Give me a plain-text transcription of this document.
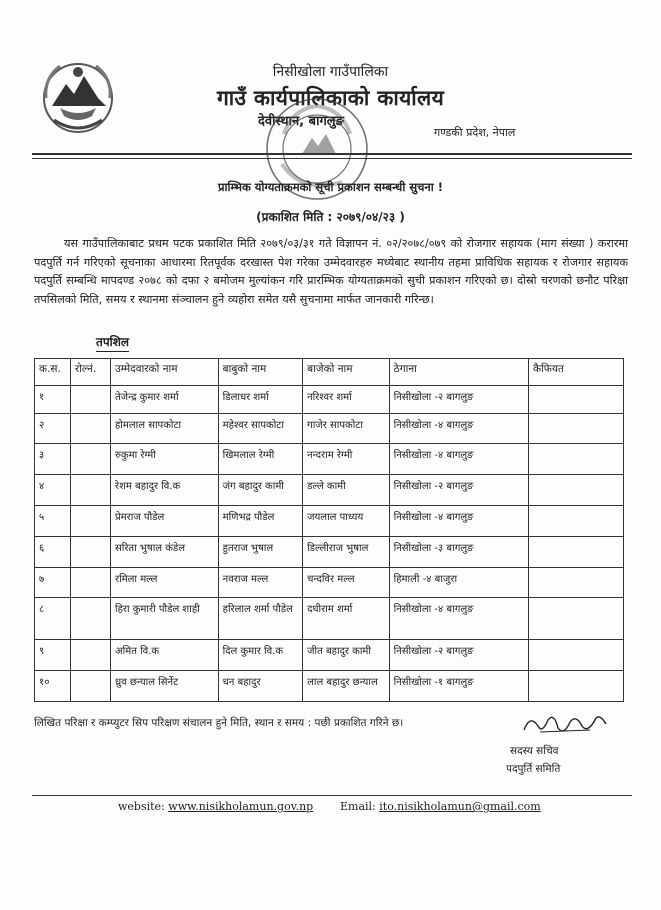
निसीखोला गाउँपालिका
गाउँ कार्यपालिकाको कार्यालय
देवीस्थान, बागलुङ
गण्डकी प्रदेश, नेपाल
प्राम्भिक योग्यताक्रमको सूची प्रकाशन सम्बन्धी सुचना !
(प्रकाशित मिति : २०७९/०४/२३ )
यस गाउँपालिकाबाट प्रथम पटक प्रकाशित मिति २०७९/०३/३१ गते विज्ञापन नं. ०२/२०७८/०७९ को रोजगार सहायक (माग संख्या ) करारमा पदपुर्ति गर्न गरिएको सूचनाका आधारमा रितपूर्वक दरखास्त पेश गरेका उम्मेदवारहरु मध्येबाट स्थानीय तहमा प्राविधिक सहायक र रोजगार सहायक पदपुर्ति सम्बन्धि मापदण्ड २०७८ को दफा २ बमोजम मुल्यांकन गरि प्रारम्भिक योग्यताक्रमको सुची प्रकाशन गरिएको छ। दोस्रो चरणको छनौट परिक्षा तपसिलको मिति, समय र स्थानमा संञ्चालन हुने व्यहोरा समेत यसै सुचनामा मार्फत जानकारी गरिन्छ।
तपशिल
क.स.	रोल्नं.	उम्मेदवारको नाम	बाबुको नाम	बाजेको नाम	ठेगाना	कैफियत
१		तेजेन्द्र कुमार शर्मा	डिलाधर शर्मा	नरिश्वर शर्मा	निसीखोला -२ बागलुङ	
२		होमलाल सापकोटा	महेश्वर सापकोटा	गाजेर सापकोटा	निसीखोला -४ बागलुङ	
३		रुकुमा रेग्मी	खिमलाल रेग्मी	नन्दराम रेग्मी	निसीखोला -४ बागलुङ	
४		रेशम बहादुर वि.क	जंग बहादुर कामी	डल्ले कामी	निसीखोला -२ बागलुङ	
५		प्रेमराज पौडेल	मणिभद्र पौडेल	जयलाल पाध्यय	निसीखोला -४ बागलुङ	
६		सरिता भुषाल कंडेल	हुतराज भुषाल	डिल्लीराज भुषाल	निसीखोला -३ बागलुङ	
७		रमिला मल्ल	नवराज मल्ल	चन्दविर मल्ल	हिमाली -४ बाजुरा	
८		हिरा कुमारी पौडेल शाही	हरिलाल शर्मा पौडेल	दधीराम शर्मा	निसीखोला -४ बागलुङ	
९		अमित वि.क	दिल कुमार वि.क	जीत बहादुर कामी	निसीखोला -२ बागलुङ	
१०		ध्रुव छन्याल सिर्नेट	धन बहादुर	लाल बहादुर छन्याल	निसीखोला -१ बागलुङ	
लिखित परिक्षा र कम्प्युटर सिप परिक्षण संचालन हुने मिति, स्थान र समय : पछी प्रकाशित गरिने छ।
सदस्य सचिव
पदपुर्ति समिति
website: www.nisikholamun.gov.np Email: ito.nisikholamun@gmail.com
